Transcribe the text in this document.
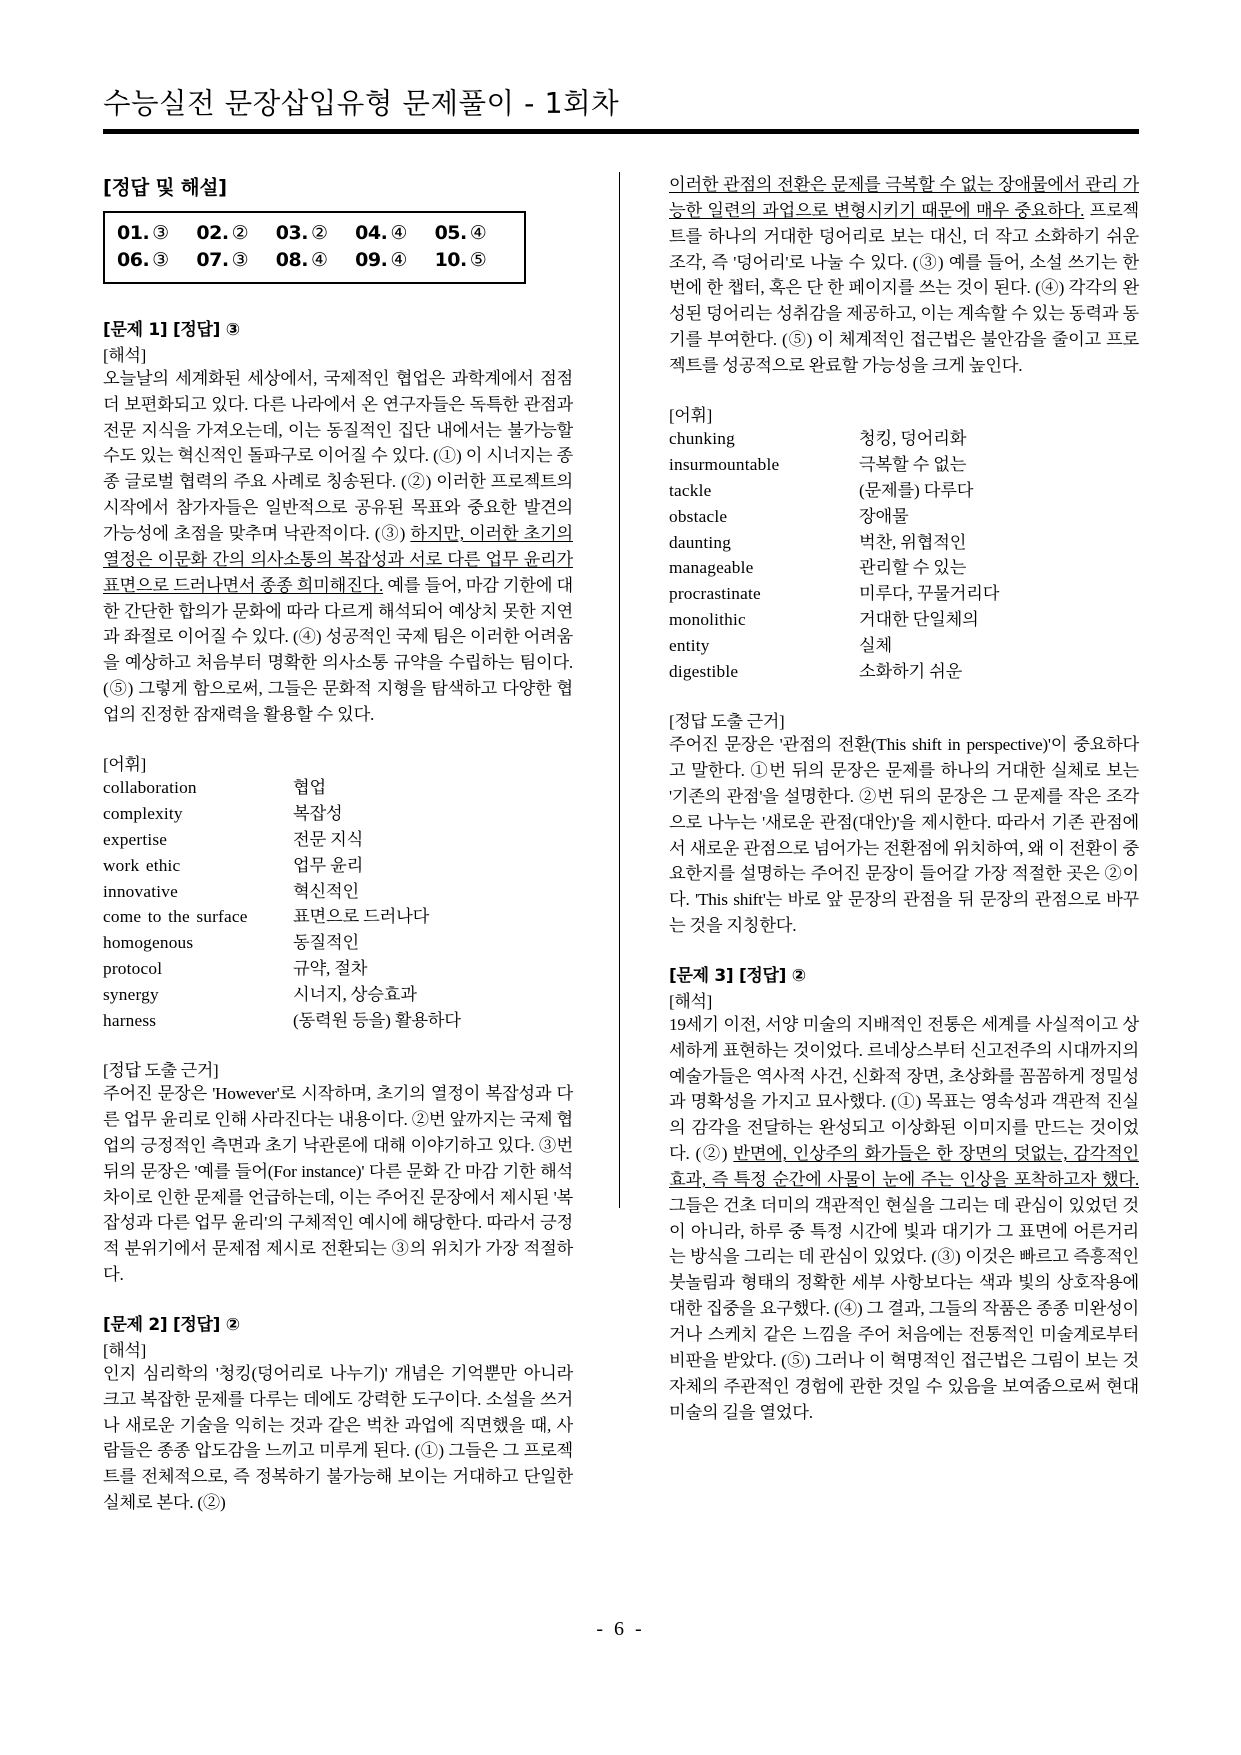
수능실전 문장삽입유형 문제풀이 - 1회차
[정답 및 해설]
01. ③	02. ②	03. ②	04. ④	05. ④
06. ③	07. ③	08. ④	09. ④	10. ⑤
[문제 1] [정답] ③
[해석]

오늘날의 세계화된 세상에서, 국제적인 협업은 과학계에서 점점 더 보편화되고 있다. 다른 나라에서 온 연구자들은 독특한 관점과 전문 지식을 가져오는데, 이는 동질적인 집단 내에서는 불가능할 수도 있는 혁신적인 돌파구로 이어질 수 있다. (①) 이 시너지는 종종 글로벌 협력의 주요 사례로 칭송된다. (②) 이러한 프로젝트의 시작에서 참가자들은 일반적으로 공유된 목표와 중요한 발견의 가능성에 초점을 맞추며 낙관적이다. (③) 하지만, 이러한 초기의 열정은 이문화 간의 의사소통의 복잡성과 서로 다른 업무 윤리가 표면으로 드러나면서 종종 희미해진다. 예를 들어, 마감 기한에 대한 간단한 합의가 문화에 따라 다르게 해석되어 예상치 못한 지연과 좌절로 이어질 수 있다. (④) 성공적인 국제 팀은 이러한 어려움을 예상하고 처음부터 명확한 의사소통 규약을 수립하는 팀이다. (⑤) 그렇게 함으로써, 그들은 문화적 지형을 탐색하고 다양한 협업의 진정한 잠재력을 활용할 수 있다.

[어휘]
collaboration	협업
complexity	복잡성
expertise	전문 지식
work ethic	업무 윤리
innovative	혁신적인
come to the surface	표면으로 드러나다
homogenous	동질적인
protocol	규약, 절차
synergy	시너지, 상승효과
harness	(동력원 등을) 활용하다
[정답 도출 근거]

주어진 문장은 'However'로 시작하며, 초기의 열정이 복잡성과 다른 업무 윤리로 인해 사라진다는 내용이다. ②번 앞까지는 국제 협업의 긍정적인 측면과 초기 낙관론에 대해 이야기하고 있다. ③번 뒤의 문장은 '예를 들어(For instance)' 다른 문화 간 마감 기한 해석 차이로 인한 문제를 언급하는데, 이는 주어진 문장에서 제시된 '복잡성과 다른 업무 윤리'의 구체적인 예시에 해당한다. 따라서 긍정적 분위기에서 문제점 제시로 전환되는 ③의 위치가 가장 적절하다.

[문제 2] [정답] ②
[해석]

인지 심리학의 '청킹(덩어리로 나누기)' 개념은 기억뿐만 아니라 크고 복잡한 문제를 다루는 데에도 강력한 도구이다. 소설을 쓰거나 새로운 기술을 익히는 것과 같은 벅찬 과업에 직면했을 때, 사람들은 종종 압도감을 느끼고 미루게 된다. (①) 그들은 그 프로젝트를 전체적으로, 즉 정복하기 불가능해 보이는 거대하고 단일한 실체로 본다. (②)

이러한 관점의 전환은 문제를 극복할 수 없는 장애물에서 관리 가능한 일련의 과업으로 변형시키기 때문에 매우 중요하다. 프로젝트를 하나의 거대한 덩어리로 보는 대신, 더 작고 소화하기 쉬운 조각, 즉 '덩어리'로 나눌 수 있다. (③) 예를 들어, 소설 쓰기는 한 번에 한 챕터, 혹은 단 한 페이지를 쓰는 것이 된다. (④) 각각의 완성된 덩어리는 성취감을 제공하고, 이는 계속할 수 있는 동력과 동기를 부여한다. (⑤) 이 체계적인 접근법은 불안감을 줄이고 프로젝트를 성공적으로 완료할 가능성을 크게 높인다.

[어휘]
chunking	청킹, 덩어리화
insurmountable	극복할 수 없는
tackle	(문제를) 다루다
obstacle	장애물
daunting	벅찬, 위협적인
manageable	관리할 수 있는
procrastinate	미루다, 꾸물거리다
monolithic	거대한 단일체의
entity	실체
digestible	소화하기 쉬운
[정답 도출 근거]

주어진 문장은 '관점의 전환(This shift in perspective)'이 중요하다고 말한다. ①번 뒤의 문장은 문제를 하나의 거대한 실체로 보는 '기존의 관점'을 설명한다. ②번 뒤의 문장은 그 문제를 작은 조각으로 나누는 '새로운 관점(대안)'을 제시한다. 따라서 기존 관점에서 새로운 관점으로 넘어가는 전환점에 위치하여, 왜 이 전환이 중요한지를 설명하는 주어진 문장이 들어갈 가장 적절한 곳은 ②이다. 'This shift'는 바로 앞 문장의 관점을 뒤 문장의 관점으로 바꾸는 것을 지칭한다.

[문제 3] [정답] ②
[해석]

19세기 이전, 서양 미술의 지배적인 전통은 세계를 사실적이고 상세하게 표현하는 것이었다. 르네상스부터 신고전주의 시대까지의 예술가들은 역사적 사건, 신화적 장면, 초상화를 꼼꼼하게 정밀성과 명확성을 가지고 묘사했다. (①) 목표는 영속성과 객관적 진실의 감각을 전달하는 완성되고 이상화된 이미지를 만드는 것이었다. (②) 반면에, 인상주의 화가들은 한 장면의 덧없는, 감각적인 효과, 즉 특정 순간에 사물이 눈에 주는 인상을 포착하고자 했다. 그들은 건초 더미의 객관적인 현실을 그리는 데 관심이 있었던 것이 아니라, 하루 중 특정 시간에 빛과 대기가 그 표면에 어른거리는 방식을 그리는 데 관심이 있었다. (③) 이것은 빠르고 즉흥적인 붓놀림과 형태의 정확한 세부 사항보다는 색과 빛의 상호작용에 대한 집중을 요구했다. (④) 그 결과, 그들의 작품은 종종 미완성이거나 스케치 같은 느낌을 주어 처음에는 전통적인 미술계로부터 비판을 받았다. (⑤) 그러나 이 혁명적인 접근법은 그림이 보는 것 자체의 주관적인 경험에 관한 것일 수 있음을 보여줌으로써 현대 미술의 길을 열었다.

- 6 -
